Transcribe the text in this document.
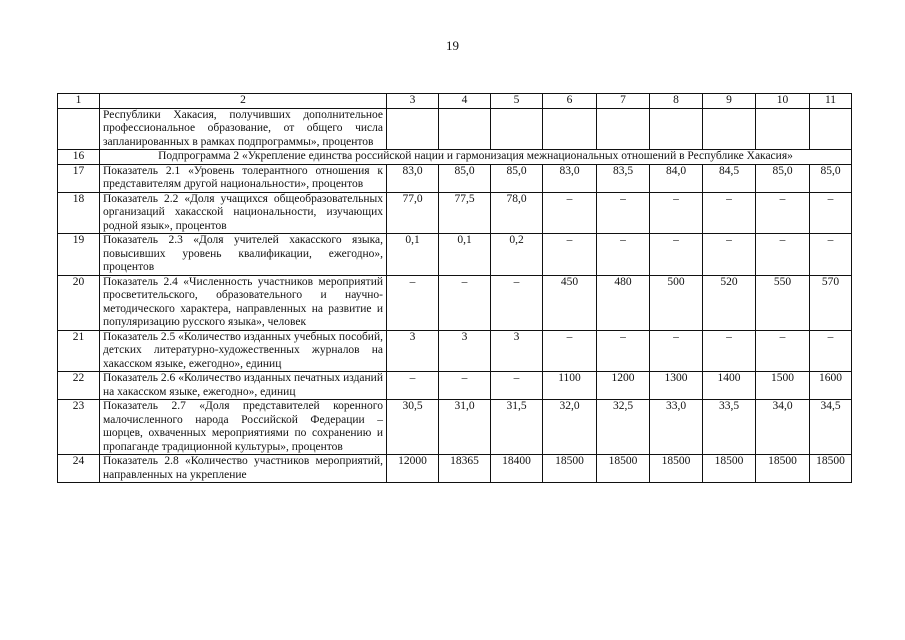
19
1	2	3	4	5	6	7	8	9	10	11
	Республики Хакасия, получивших дополнительное профессиональное образование, от общего числа запланированных в рамках подпрограммы», процентов									
16	Подпрограмма 2 «Укрепление единства российской нации и гармонизация межнациональных отношений в Республике Хакасия»									
17	Показатель 2.1 «Уровень толерантного отношения к представителям другой национальности», процентов	83,0	85,0	85,0	83,0	83,5	84,0	84,5	85,0	85,0
18	Показатель 2.2 «Доля учащихся общеобразовательных организаций хакасской национальности, изучающих родной язык», процентов	77,0	77,5	78,0	–	–	–	–	–	–
19	Показатель 2.3 «Доля учителей хакасского языка, повысивших уровень квалификации, ежегодно», процентов	0,1	0,1	0,2	–	–	–	–	–	–
20	Показатель 2.4 «Численность участников мероприятий просветительского, образовательного и научно-методического характера, направленных на развитие и популяризацию русского языка», человек	–	–	–	450	480	500	520	550	570
21	Показатель 2.5 «Количество изданных учебных пособий, детских литературно-художественных журналов на хакасском языке, ежегодно», единиц	3	3	3	–	–	–	–	–	–
22	Показатель 2.6 «Количество изданных печатных изданий на хакасском языке, ежегодно», единиц	–	–	–	1100	1200	1300	1400	1500	1600
23	Показатель 2.7 «Доля представителей коренного малочисленного народа Российской Федерации – шорцев, охваченных мероприятиями по сохранению и пропаганде традиционной культуры», процентов	30,5	31,0	31,5	32,0	32,5	33,0	33,5	34,0	34,5
24	Показатель 2.8 «Количество участников мероприятий, направленных на укрепление	12000	18365	18400	18500	18500	18500	18500	18500	18500
